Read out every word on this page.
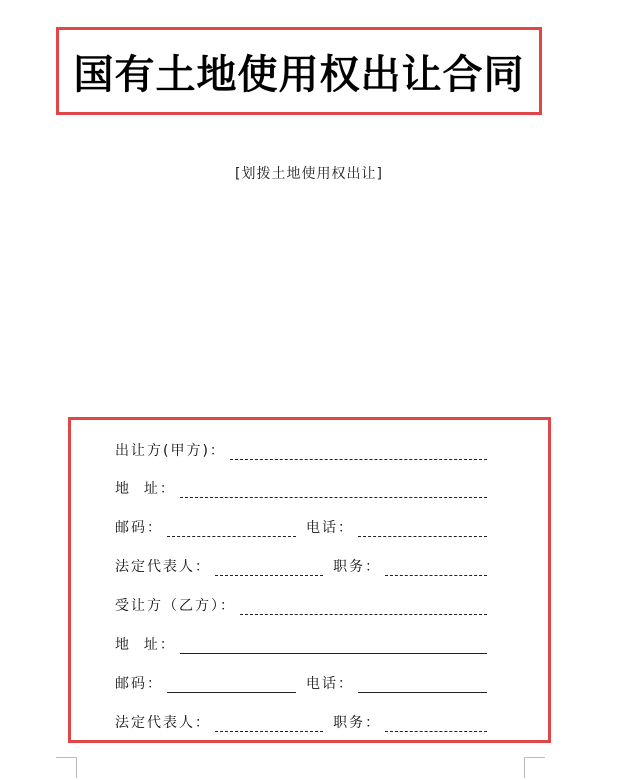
国有土地使用权出让合同
[划拨土地使用权出让]
出让方(甲方)：
地  址：
邮码：	电话：
法定代表人：	职务：
受让方（乙方）：
地  址：
邮码：	电话：
法定代表人：	职务：
